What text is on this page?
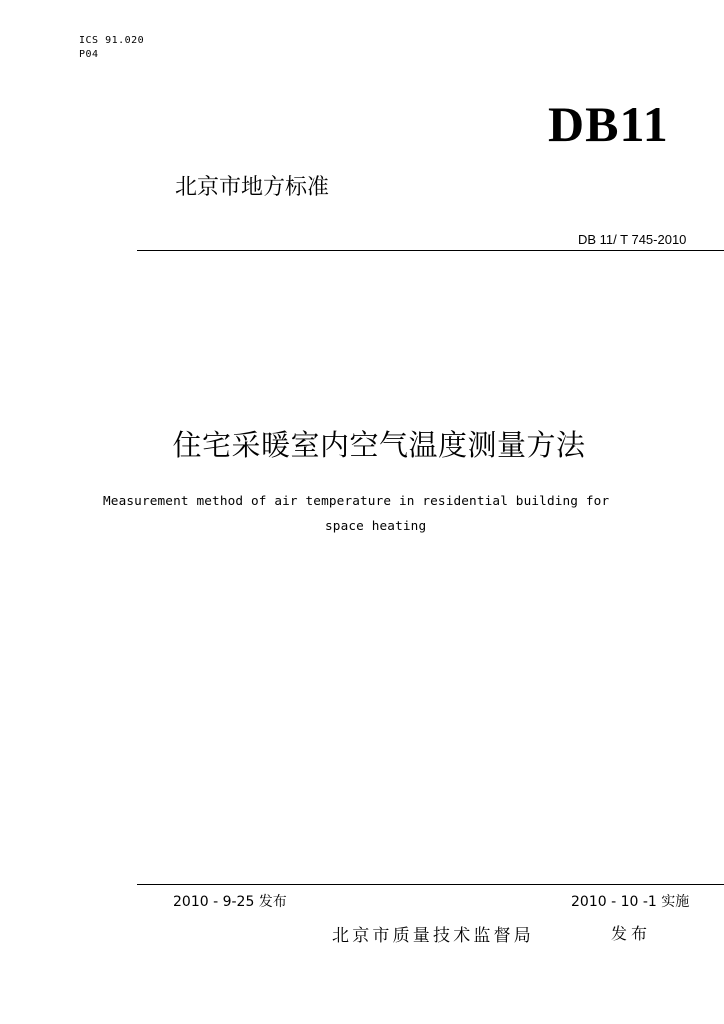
ICS 91.020
P04
DB11
北京市地方标准
DB 11/ T 745-2010
住宅采暖室内空气温度测量方法
Measurement method of air temperature in residential building for
space heating
2010 - 9-25 发布	2010 - 10 -1 实施
北京市质量技术监督局	发布
